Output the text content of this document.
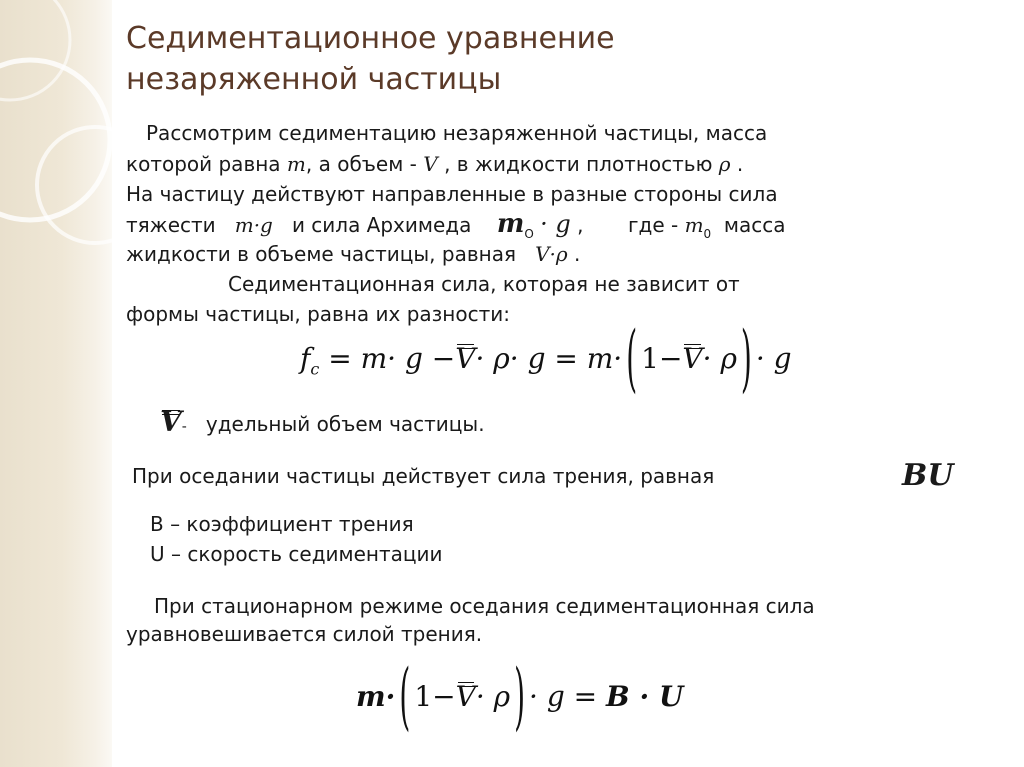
Седиментационное уравнение
незаряженной частицы
Рассмотрим седиментацию незаряженной частицы, масса
которой равна m, а объем - V , в жидкости плотностью ρ .
На частицу действуют направленные в разные стороны сила
тяжести m·g и сила Архимеда $m_O \cdot g$ , где - $m_0$ масса
жидкости в объеме частицы, равная V·ρ .
Седиментационная сила, которая не зависит от
формы частицы, равна их разности:
$f_c = m\cdot g -V\cdot \rho\cdot g = m\cdot$ ( 1−V· ρ ) · g
V- удельный объем частицы.
При оседании частицы действует сила трения, равная	BU
B – коэффициент трения
U – скорость седиментации
При стационарном режиме оседания седиментационная сила
уравновешивается силой трения.
m· ( 1−V· ρ ) · g = B · U
